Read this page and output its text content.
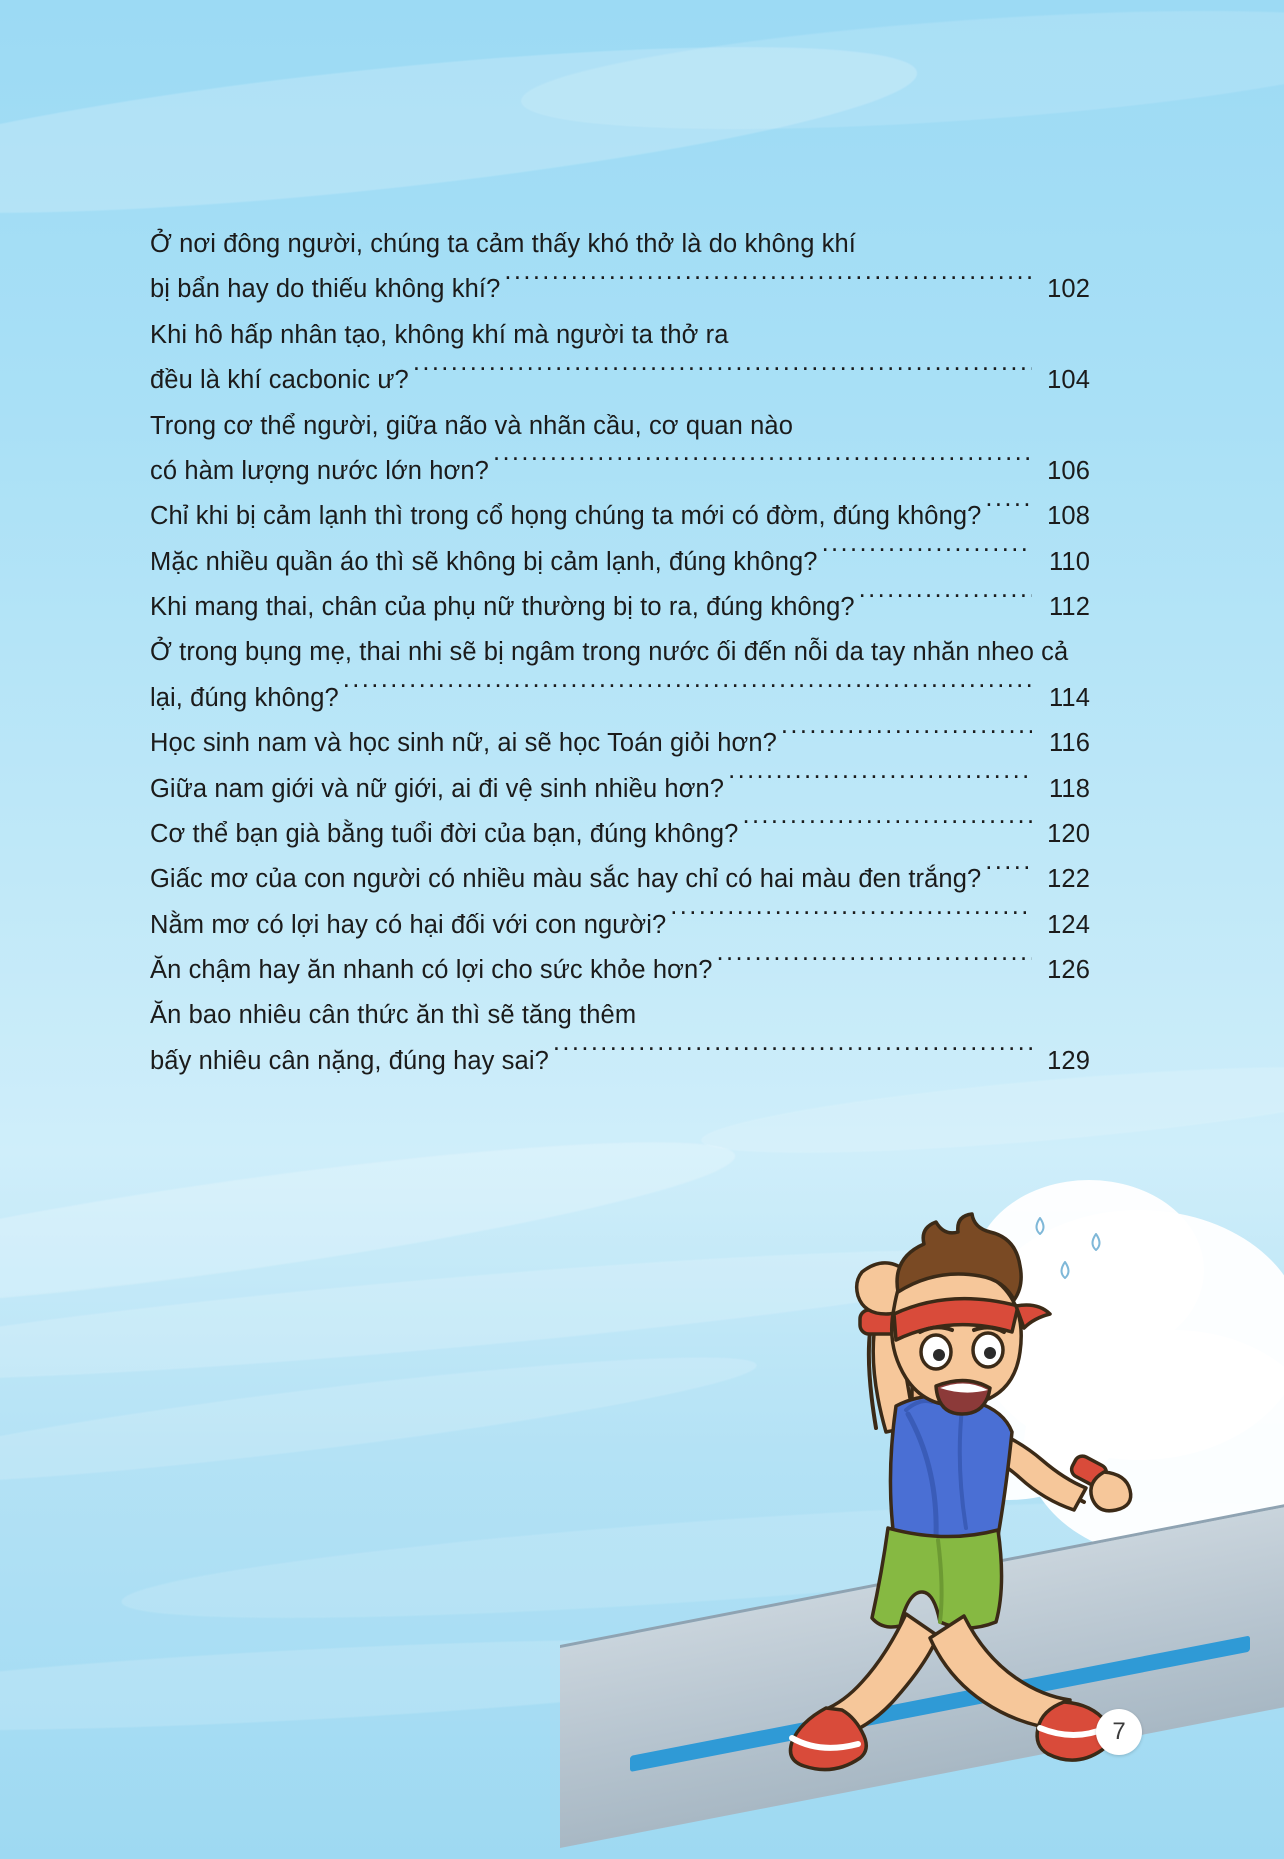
Ở nơi đông người, chúng ta cảm thấy khó thở là do không khí
bị bẩn hay do thiếu không khí? .....	102
Khi hô hấp nhân tạo, không khí mà người ta thở ra
đều là khí cacbonic ư? .....	104
Trong cơ thể người, giữa não và nhãn cầu, cơ quan nào
có hàm lượng nước lớn hơn? .....	106
Chỉ khi bị cảm lạnh thì trong cổ họng chúng ta mới có đờm, đúng không? .....	108
Mặc nhiều quần áo thì sẽ không bị cảm lạnh, đúng không? .....	110
Khi mang thai, chân của phụ nữ thường bị to ra, đúng không? .....	112
Ở trong bụng mẹ, thai nhi sẽ bị ngâm trong nước ối đến nỗi da tay nhăn nheo cả
lại, đúng không? .....	114
Học sinh nam và học sinh nữ, ai sẽ học Toán giỏi hơn? .....	116
Giữa nam giới và nữ giới, ai đi vệ sinh nhiều hơn? .....	118
Cơ thể bạn già bằng tuổi đời của bạn, đúng không? .....	120
Giấc mơ của con người có nhiều màu sắc hay chỉ có hai màu đen trắng? .....	122
Nằm mơ có lợi hay có hại đối với con người? .....	124
Ăn chậm hay ăn nhanh có lợi cho sức khỏe hơn? .....	126
Ăn bao nhiêu cân thức ăn thì sẽ tăng thêm
bấy nhiêu cân nặng, đúng hay sai? .....	129
7
